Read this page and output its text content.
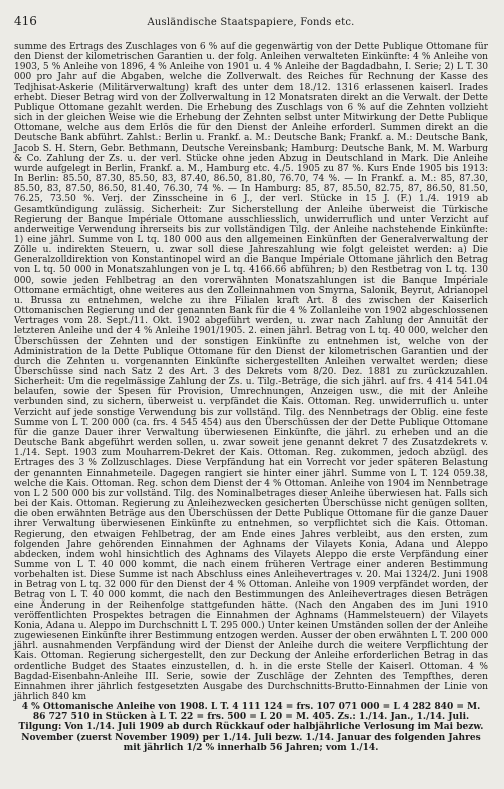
416	Ausländische Staatspapiere, Fonds etc.

summe des Ertrags des Zuschlages von 6 % auf die gegenwärtig von der Dette Publique Ottomane für den Dienst der kilometrischen Garantien u. der folg. Anleihen verwalteten Einkünfte: 4 % Anleihe von 1903, 5 % Anleihe von 1896, 4 % Anleihe von 1901 u. 4 % Anleihe der Bagdadbahn, I. Serie; 2) L T. 30 000 pro Jahr auf die Abgaben, welche die Zollverwalt. des Reiches für Rechnung der Kasse des Tedjhisat-Askerie (Militärverwaltung) kraft des unter dem 18./12. 1316 erlassenen kaiserl. Irades erhebt. Dieser Betrag wird von der Zollverwaltung in 12 Monatsraten direkt an die Verwalt. der Dette Publique Ottomane gezahlt werden. Die Erhebung des Zuschlags von 6 % auf die Zehnten vollzieht sich in der gleichen Weise wie die Erhebung der Zehnten selbst unter Mitwirkung der Dette Publique Ottomane, welche aus dem Erlös die für den Dienst der Anleihe erforderl. Summen direkt an die Deutsche Bank abführt. Zahlst.: Berlin u. Frankf. a. M.: Deutsche Bank; Frankf. a. M.: Deutsche Bank, Jacob S. H. Stern, Gebr. Bethmann, Deutsche Vereinsbank; Hamburg: Deutsche Bank, M. M. Warburg & Co. Zahlung der Zs. u. der verl. Stücke ohne jeden Abzug in Deutschland in Mark. Die Anleihe wurde aufgelegt in Berlin, Frankf. a. M., Hamburg etc. 4./5. 1905 zu 87 %. Kurs Ende 1905 bis 1913: In Berlin: 85.50, 87.30, 85.50, 83, 87.40, 86.50, 81.80, 76.70, 74 %. — In Frankf. a. M.: 85, 87.30, 85.50, 83, 87.50, 86.50, 81.40, 76.30, 74 %. — In Hamburg: 85, 87, 85.50, 82.75, 87, 86.50, 81.50, 76.25, 73.50 %. Verj. der Zinsscheine in 6 J., der verl. Stücke in 15 J. (F.) 1./4. 1919 ab Gesamtkündigung zulässig. Sicherheit: Zur Sicherstellung der Anleihe überweist die Türkische Regierung der Banque Impériale Ottomane ausschliesslich, unwiderruflich und unter Verzicht auf anderweitige Verwendung ihrerseits bis zur vollständigen Tilg. der Anleihe nachstehende Einkünfte: 1) eine jährl. Summe von L tq. 180 000 aus den allgemeinen Einkünften der Generalverwaltung der Zölle u. indirekten Steuern, u. zwar soll diese Jahreszahlung wie folgt geleistet werden: a) Die Generalzolldirektion von Konstantinopel wird an die Banque Impériale Ottomane jährlich den Betrag von L tq. 50 000 in Monatszahlungen von je L tq. 4166.66 abführen; b) den Restbetrag von L tq. 130 000, sowie jeden Fehlbetrag an den vorerwähnten Monatszahlungen ist die Banque Impériale Ottomane ermächtigt, ohne weiteres aus den Zolleinnahmen von Smyrna, Salonik, Beyrut, Adrianopel u. Brussa zu entnehmen, welche zu ihre Filialen kraft Art. 8 des zwischen der Kaiserlich Ottomanischen Regierung und der genannten Bank für die 4 % Zollanleihe von 1902 abgeschlossenen Vertrages vom 28. Sept./11. Okt. 1902 abgeführt werden, u. zwar nach Zahlung der Annuität der letzteren Anleihe und der 4 % Anleihe 1901/1905. 2. einen jährl. Betrag von L tq. 40 000, welcher den Überschüssen der Zehnten und der sonstigen Einkünfte zu entnehmen ist, welche von der Administration de la Dette Publique Ottomane für den Dienst der kilometrischen Garantien und der durch die Zehnten u. vorgenannten Einkünfte sichergestellten Anleihen verwaltet werden; diese Überschüsse sind nach Satz 2 des Art. 3 des Dekrets vom 8/20. Dez. 1881 zu zurückzuzahlen. Sicherheit: Um die regelmässige Zahlung der Zs. u. Tilg.-Beträge, die sich jährl. auf frs. 4 414 541.04 belaufen, sowie der Spesen für Provision, Umrechnungen, Anzeigen usw., die mit der Anleihe verbunden sind, zu sichern, überweist u. verpfändet die Kais. Ottoman. Reg. unwiderruflich u. unter Verzicht auf jede sonstige Verwendung bis zur vollständ. Tilg. des Nennbetrags der Oblig. eine feste Summe von L T. 200 000 (ca. frs. 4 545 454) aus den Überschüssen der der Dette Publique Ottomane für die ganze Dauer ihrer Verwaltung überwiesenen Einkünfte, die jährl. zu erheben und an die Deutsche Bank abgeführt werden sollen, u. zwar soweit jene genannt dekret 7 des Zusatzdekrets v. 1./14. Sept. 1903 zum Mouharrem-Dekret der Kais. Ottoman. Reg. zukommen, jedoch abzügl. des Ertrages des 3 % Zollzuschlages. Diese Verpfändung hat ein Vorrecht vor jeder späteren Belastung der genannten Einnahmeteile. Dagegen rangiert sie hinter einer jährl. Summe von L T. 124 059.38, welche die Kais. Ottoman. Reg. schon dem Dienst der 4 % Ottoman. Anleihe von 1904 im Nennbetrage von L 2 500 000 bis zur vollständ. Tilg. des Nominalbetrages dieser Anleihe überwiesen hat. Falls sich bei der Kais. Ottoman. Regierung zu Anleihezwecken gesicherten Überschüsse nicht genügen sollten, die oben erwähnten Beträge aus den Überschüssen der Dette Publique Ottomane für die ganze Dauer ihrer Verwaltung überwiesenen Einkünfte zu entnehmen, so verpflichtet sich die Kais. Ottoman. Regierung, den etwaigen Fehlbetrag, der am Ende eines Jahres verbleibt, aus den ersten, zum folgenden Jahre gehörenden Einnahmen der Aghnams der Vilayets Konia, Adana und Aleppo abdecken, indem wohl hinsichtlich des Aghnams des Vilayets Aleppo die erste Verpfändung einer Summe von L T. 40 000 kommt, die nach einem früheren Vertrage einer anderen Bestimmung vorbehalten ist. Diese Summe ist nach Abschluss eines Anleihevertrages v. 20. Mai 1324/2. Juni 1908 in Betrag von L tq. 32 000 für den Dienst der 4 % Ottoman. Anleihe von 1909 verpfändet worden, der Betrag von L T. 40 000 kommt, die nach den Bestimmungen des Anleihevertrages diesen Beträgen eine Änderung in der Reihenfolge stattgefunden hätte. (Nach den Angaben des im Juni 1910 veröffentlichten Prospektes betragen die Einnahmen der Aghnams (Hammelsteuern) der Vilayets Konia, Adana u. Aleppo im Durchschnitt L T. 295 000.) Unter keinen Umständen sollen der der Anleihe zugewiesenen Einkünfte ihrer Bestimmung entzogen werden. Ausser der oben erwähnten L T. 200 000 jährl. ausnahmenden Verpfändung wird der Dienst der Anleihe durch die weitere Verpflichtung der Kais. Ottoman. Regierung sichergestellt, den zur Deckung der Anleihe erforderlichen Betrag in das ordentliche Budget des Staates einzustellen, d. h. in die erste Stelle der Kaiserl. Ottoman. 4 % Bagdad-Eisenbahn-Anleihe III. Serie, sowie der Zuschläge der Zehnten des Tempfthes, deren Einnahmen ihrer jährlich festgesetzten Ausgabe des Durchschnitts-Brutto-Einnahmen der Linie von jährlich 840 km

4 % Ottomanische Anleihe von 1908. L T. 4 111 124 = frs. 107 071 000 = L 4 282 840 = M. 86 727 510 in Stücken à L T. 22 = frs. 500 = L 20 = M. 405. Zs.: 1./14. Jan., 1./14. Juli. Tilgung: Von 1./14. Juli 1909 ab durch Rückkauf oder halbjährliche Verlosung im Mai bezw. November (zuerst November 1909) per 1./14. Juli bezw. 1./14. Januar des folgenden Jahres mit jährlich 1/2 % innerhalb 56 Jahren; vom 1./14.
